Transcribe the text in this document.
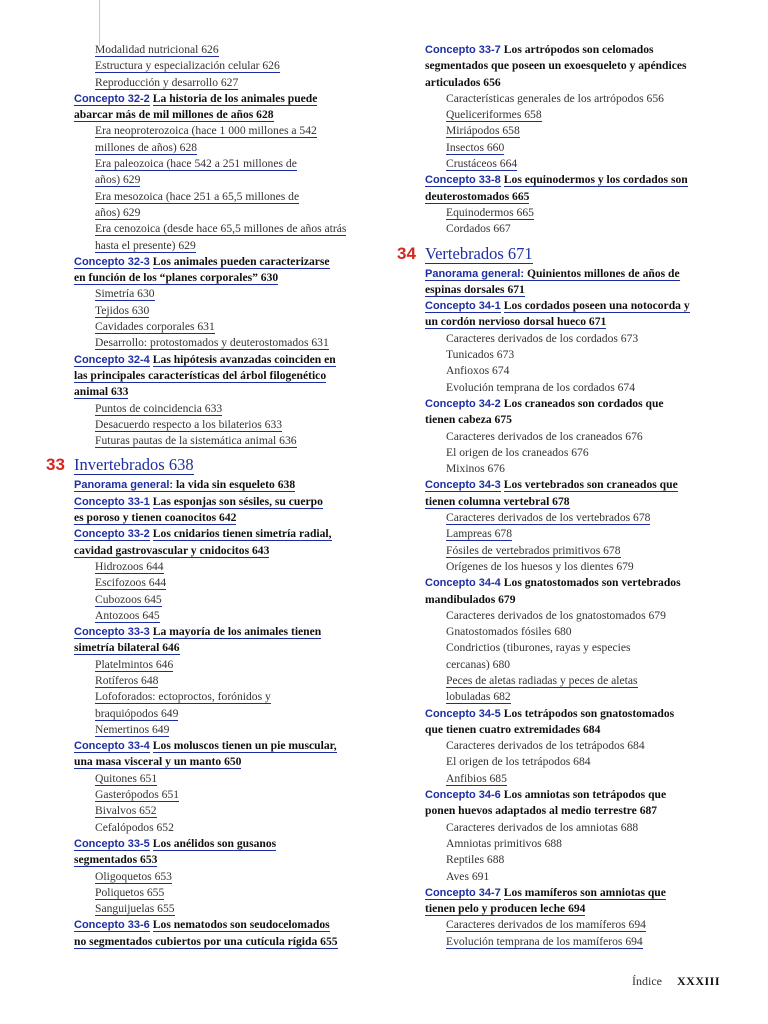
Modalidad nutricional 626
Estructura y especialización celular 626
Reproducción y desarrollo 627
Concepto 32-2 La historia de los animales puede
abarcar más de mil millones de años 628
Era neoproterozoica (hace 1 000 millones a 542
millones de años) 628
Era paleozoica (hace 542 a 251 millones de
años) 629
Era mesozoica (hace 251 a 65,5 millones de
años) 629
Era cenozoica (desde hace 65,5 millones de años atrás
hasta el presente) 629
Concepto 32-3 Los animales pueden caracterizarse
en función de los “planes corporales” 630
Simetría 630
Tejidos 630
Cavidades corporales 631
Desarrollo: protostomados y deuterostomados 631
Concepto 32-4 Las hipótesis avanzadas coinciden en
las principales características del árbol filogenético
animal 633
Puntos de coincidencia 633
Desacuerdo respecto a los bilaterios 633
Futuras pautas de la sistemática animal 636
33 Invertebrados 638
Panorama general: la vida sin esqueleto 638
Concepto 33-1 Las esponjas son sésiles, su cuerpo
es poroso y tienen coanocitos 642
Concepto 33-2 Los cnidarios tienen simetría radial,
cavidad gastrovascular y cnidocitos 643
Hidrozoos 644
Escifozoos 644
Cubozoos 645
Antozoos 645
Concepto 33-3 La mayoría de los animales tienen
simetría bilateral 646
Platelmintos 646
Rotíferos 648
Lofoforados: ectoproctos, forónidos y
braquiópodos 649
Nemertinos 649
Concepto 33-4 Los moluscos tienen un pie muscular,
una masa visceral y un manto 650
Quitones 651
Gasterópodos 651
Bivalvos 652
Cefalópodos 652
Concepto 33-5 Los anélidos son gusanos
segmentados 653
Oligoquetos 653
Poliquetos 655
Sanguijuelas 655
Concepto 33-6 Los nematodos son seudocelomados
no segmentados cubiertos por una cutícula rígida 655
Concepto 33-7 Los artrópodos son celomados
segmentados que poseen un exoesqueleto y apéndices
articulados 656
Características generales de los artrópodos 656
Queliceriformes 658
Miriápodos 658
Insectos 660
Crustáceos 664
Concepto 33-8 Los equinodermos y los cordados son
deuterostomados 665
Equinodermos 665
Cordados 667
34 Vertebrados 671
Panorama general: Quinientos millones de años de
espinas dorsales 671
Concepto 34-1 Los cordados poseen una notocorda y
un cordón nervioso dorsal hueco 671
Caracteres derivados de los cordados 673
Tunicados 673
Anfioxos 674
Evolución temprana de los cordados 674
Concepto 34-2 Los craneados son cordados que
tienen cabeza 675
Caracteres derivados de los craneados 676
El origen de los craneados 676
Mixinos 676
Concepto 34-3 Los vertebrados son craneados que
tienen columna vertebral 678
Caracteres derivados de los vertebrados 678
Lampreas 678
Fósiles de vertebrados primitivos 678
Orígenes de los huesos y los dientes 679
Concepto 34-4 Los gnatostomados son vertebrados
mandibulados 679
Caracteres derivados de los gnatostomados 679
Gnatostomados fósiles 680
Condrictios (tiburones, rayas y especies
cercanas) 680
Peces de aletas radiadas y peces de aletas
lobuladas 682
Concepto 34-5 Los tetrápodos son gnatostomados
que tienen cuatro extremidades 684
Caracteres derivados de los tetrápodos 684
El origen de los tetrápodos 684
Anfibios 685
Concepto 34-6 Los amniotas son tetrápodos que
ponen huevos adaptados al medio terrestre 687
Caracteres derivados de los amniotas 688
Amniotas primitivos 688
Reptiles 688
Aves 691
Concepto 34-7 Los mamíferos son amniotas que
tienen pelo y producen leche 694
Caracteres derivados de los mamíferos 694
Evolución temprana de los mamíferos 694
Índice XXXIII
